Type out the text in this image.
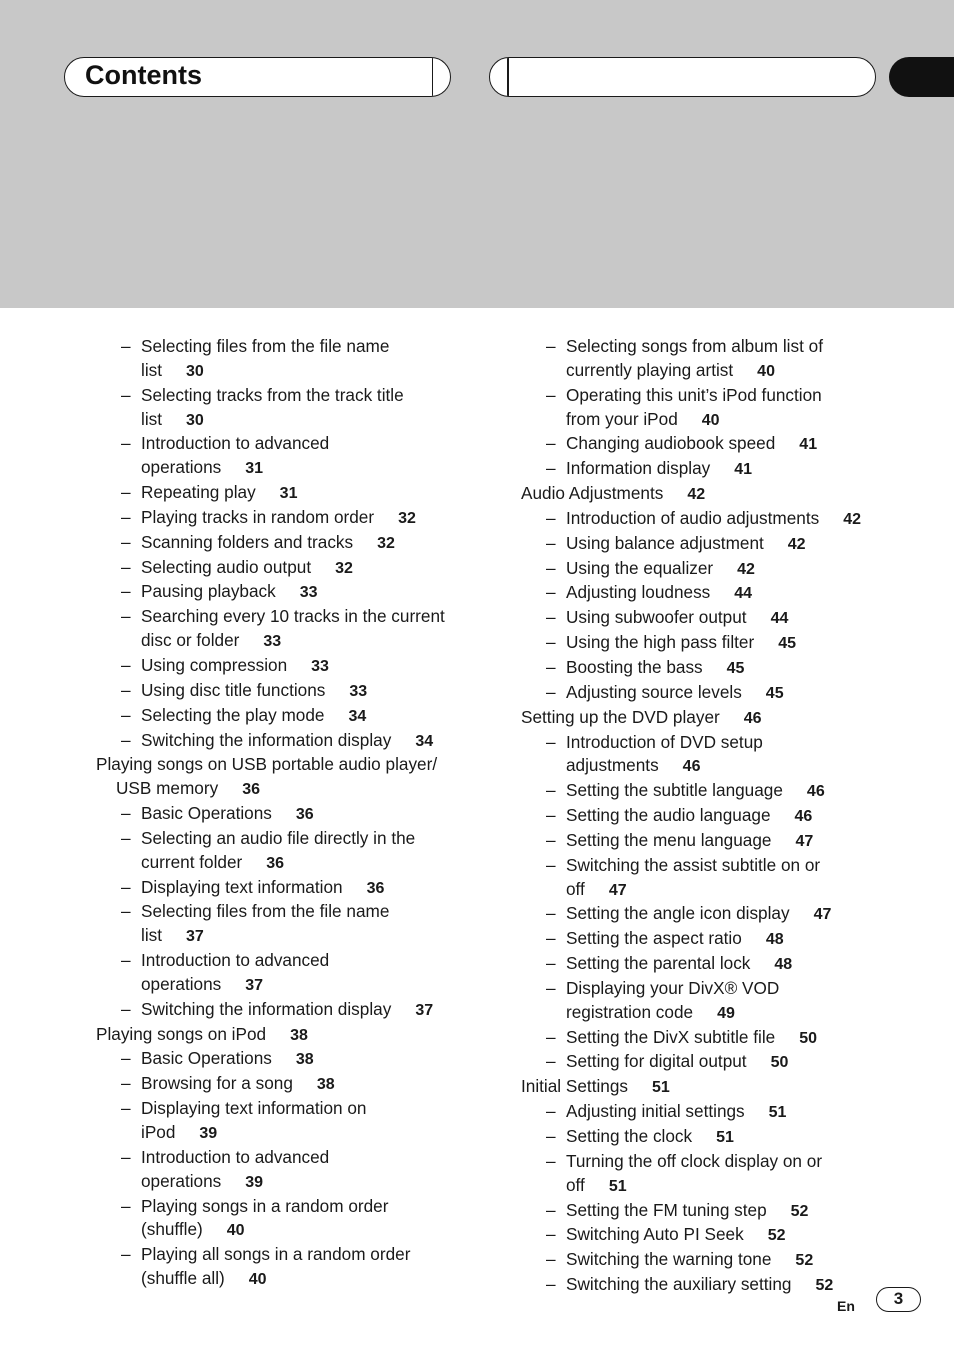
Contents
– Selecting files from the file name
list 30
– Selecting tracks from the track title
list 30
– Introduction to advanced
operations 31
– Repeating play 31
– Playing tracks in random order 32
– Scanning folders and tracks 32
– Selecting audio output 32
– Pausing playback 33
– Searching every 10 tracks in the current
disc or folder 33
– Using compression 33
– Using disc title functions 33
– Selecting the play mode 34
– Switching the information display 34
Playing songs on USB portable audio player/
USB memory 36
– Basic Operations 36
– Selecting an audio file directly in the
current folder 36
– Displaying text information 36
– Selecting files from the file name
list 37
– Introduction to advanced
operations 37
– Switching the information display 37
Playing songs on iPod 38
– Basic Operations 38
– Browsing for a song 38
– Displaying text information on
iPod 39
– Introduction to advanced
operations 39
– Playing songs in a random order
(shuffle) 40
– Playing all songs in a random order
(shuffle all) 40
– Selecting songs from album list of
currently playing artist 40
– Operating this unit’s iPod function
from your iPod 40
– Changing audiobook speed 41
– Information display 41
Audio Adjustments 42
– Introduction of audio adjustments 42
– Using balance adjustment 42
– Using the equalizer 42
– Adjusting loudness 44
– Using subwoofer output 44
– Using the high pass filter 45
– Boosting the bass 45
– Adjusting source levels 45
Setting up the DVD player 46
– Introduction of DVD setup
adjustments 46
– Setting the subtitle language 46
– Setting the audio language 46
– Setting the menu language 47
– Switching the assist subtitle on or
off 47
– Setting the angle icon display 47
– Setting the aspect ratio 48
– Setting the parental lock 48
– Displaying your DivX® VOD
registration code 49
– Setting the DivX subtitle file 50
– Setting for digital output 50
Initial Settings 51
– Adjusting initial settings 51
– Setting the clock 51
– Turning the off clock display on or
off 51
– Setting the FM tuning step 52
– Switching Auto PI Seek 52
– Switching the warning tone 52
– Switching the auxiliary setting 52
En	3
